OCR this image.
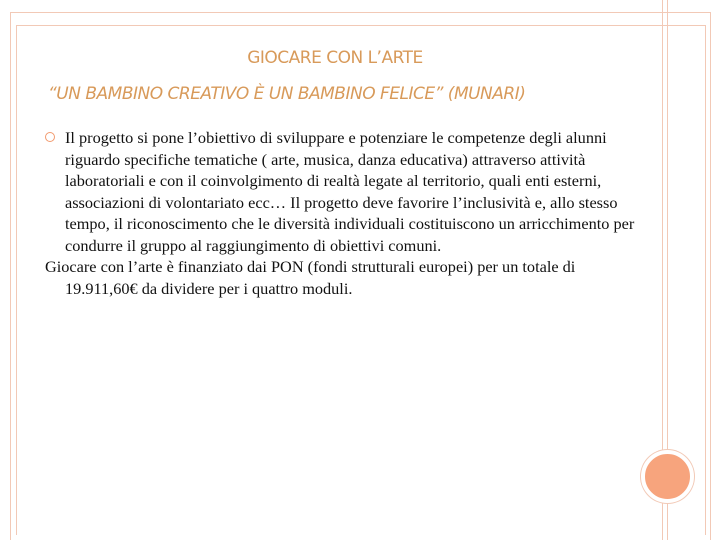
GIOCARE CON L’ARTE
“UN BAMBINO CREATIVO È UN BAMBINO FELICE” (MUNARI)
Il progetto si pone l’obiettivo di sviluppare e potenziare le competenze degli alunni riguardo specifiche tematiche ( arte, musica, danza educativa) attraverso attività laboratoriali e con il coinvolgimento di realtà legate al territorio, quali enti esterni, associazioni di volontariato ecc… Il progetto deve favorire l’inclusività e, allo stesso tempo, il riconoscimento che le diversità individuali costituiscono un arricchimento per condurre il gruppo al raggiungimento di obiettivi comuni.
Giocare con l’arte è finanziato dai PON (fondi strutturali europei) per un totale di 19.911,60€ da dividere per i quattro moduli.
